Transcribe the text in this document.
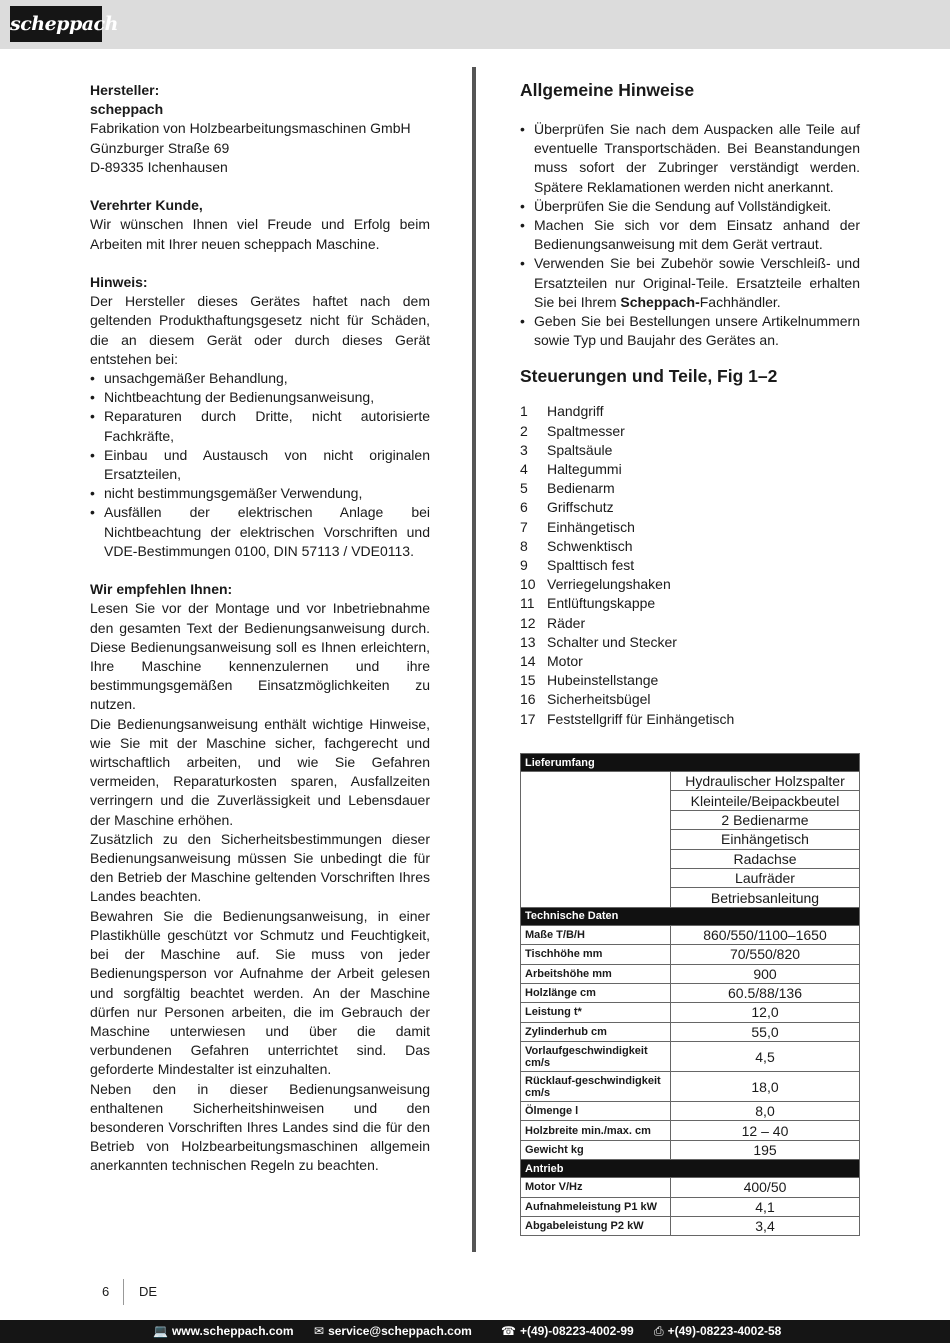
scheppach

Hersteller:

scheppach

Fabrikation von Holzbearbeitungsmaschinen GmbH

Günzburger Straße 69

D-89335 Ichenhausen

Verehrter Kunde,

Wir wünschen Ihnen viel Freude und Erfolg beim Arbeiten mit Ihrer neuen scheppach Maschine.

Hinweis:

Der Hersteller dieses Gerätes haftet nach dem geltenden Produkthaftungsgesetz nicht für Schäden, die an diesem Gerät oder durch dieses Gerät entstehen bei:

• unsachgemäßer Behandlung,
• Nichtbeachtung der Bedienungsanweisung,
• Reparaturen durch Dritte, nicht autorisierte Fachkräfte,
• Einbau und Austausch von nicht originalen Ersatzteilen,
• nicht bestimmungsgemäßer Verwendung,
• Ausfällen der elektrischen Anlage bei Nichtbeachtung der elektrischen Vorschriften und VDE-Bestimmungen 0100, DIN 57113 / VDE0113.

Wir empfehlen Ihnen:

Lesen Sie vor der Montage und vor Inbetriebnahme den gesamten Text der Bedienungsanweisung durch. Diese Bedienungsanweisung soll es Ihnen erleichtern, Ihre Maschine kennenzulernen und ihre bestimmungsgemäßen Einsatzmöglichkeiten zu nutzen.

Die Bedienungsanweisung enthält wichtige Hinweise, wie Sie mit der Maschine sicher, fachgerecht und wirtschaftlich arbeiten, und wie Sie Gefahren vermeiden, Reparaturkosten sparen, Ausfallzeiten verringern und die Zuverlässigkeit und Lebensdauer der Maschine erhöhen.

Zusätzlich zu den Sicherheitsbestimmungen dieser Bedienungsanweisung müssen Sie unbedingt die für den Betrieb der Maschine geltenden Vorschriften Ihres Landes beachten.

Bewahren Sie die Bedienungsanweisung, in einer Plastikhülle geschützt vor Schmutz und Feuchtigkeit, bei der Maschine auf. Sie muss von jeder Bedienungsperson vor Aufnahme der Arbeit gelesen und sorgfältig beachtet werden. An der Maschine dürfen nur Personen arbeiten, die im Gebrauch der Maschine unterwiesen und über die damit verbundenen Gefahren unterrichtet sind. Das geforderte Mindestalter ist einzuhalten.

Neben den in dieser Bedienungsanweisung enthaltenen Sicherheitshinweisen und den besonderen Vorschriften Ihres Landes sind die für den Betrieb von Holzbearbeitungsmaschinen allgemein anerkannten technischen Regeln zu beachten.

Allgemeine Hinweise
• Überprüfen Sie nach dem Auspacken alle Teile auf eventuelle Transportschäden. Bei Beanstandungen muss sofort der Zubringer verständigt werden. Spätere Reklamationen werden nicht anerkannt.
• Überprüfen Sie die Sendung auf Vollständigkeit.
• Machen Sie sich vor dem Einsatz anhand der Bedienungsanweisung mit dem Gerät vertraut.
• Verwenden Sie bei Zubehör sowie Verschleiß- und Ersatzteilen nur Original-Teile. Ersatzteile erhalten Sie bei Ihrem Scheppach-Fachhändler.
• Geben Sie bei Bestellungen unsere Artikelnummern sowie Typ und Baujahr des Gerätes an.
Steuerungen und Teile, Fig 1–2
1	Handgriff
2	Spaltmesser
3	Spaltsäule
4	Haltegummi
5	Bedienarm
6	Griffschutz
7	Einhängetisch
8	Schwenktisch
9	Spalttisch fest
10 Verriegelungshaken
11 Entlüftungskappe
12 Räder
13 Schalter und Stecker
14 Motor
15 Hubeinstellstange
16 Sicherheitsbügel
17 Feststellgriff für Einhängetisch
Lieferumfang	
	Hydraulischer Holzspalter
	Kleinteile/Beipackbeutel
	2 Bedienarme
	Einhängetisch
	Radachse
	Laufräder
	Betriebsanleitung
Technische Daten	
Maße T/B/H	860/550/1100–1650
Tischhöhe mm	70/550/820
Arbeitshöhe mm	900
Holzlänge cm	60.5/88/136
Leistung t*	12,0
Zylinderhub cm	55,0
Vorlaufgeschwindigkeit cm/s	4,5
Rücklauf-geschwindigkeit cm/s	18,0
Ölmenge l	8,0
Holzbreite min./max. cm	12 – 40
Gewicht kg	195
Antrieb	
Motor V/Hz	400/50
Aufnahmeleistung P1 kW	4,1
Abgabeleistung P2 kW	3,4
6 DE
💻 www.scheppach.com ✉ service@scheppach.com ☎ +(49)-08223-4002-99 ⎙ +(49)-08223-4002-58
